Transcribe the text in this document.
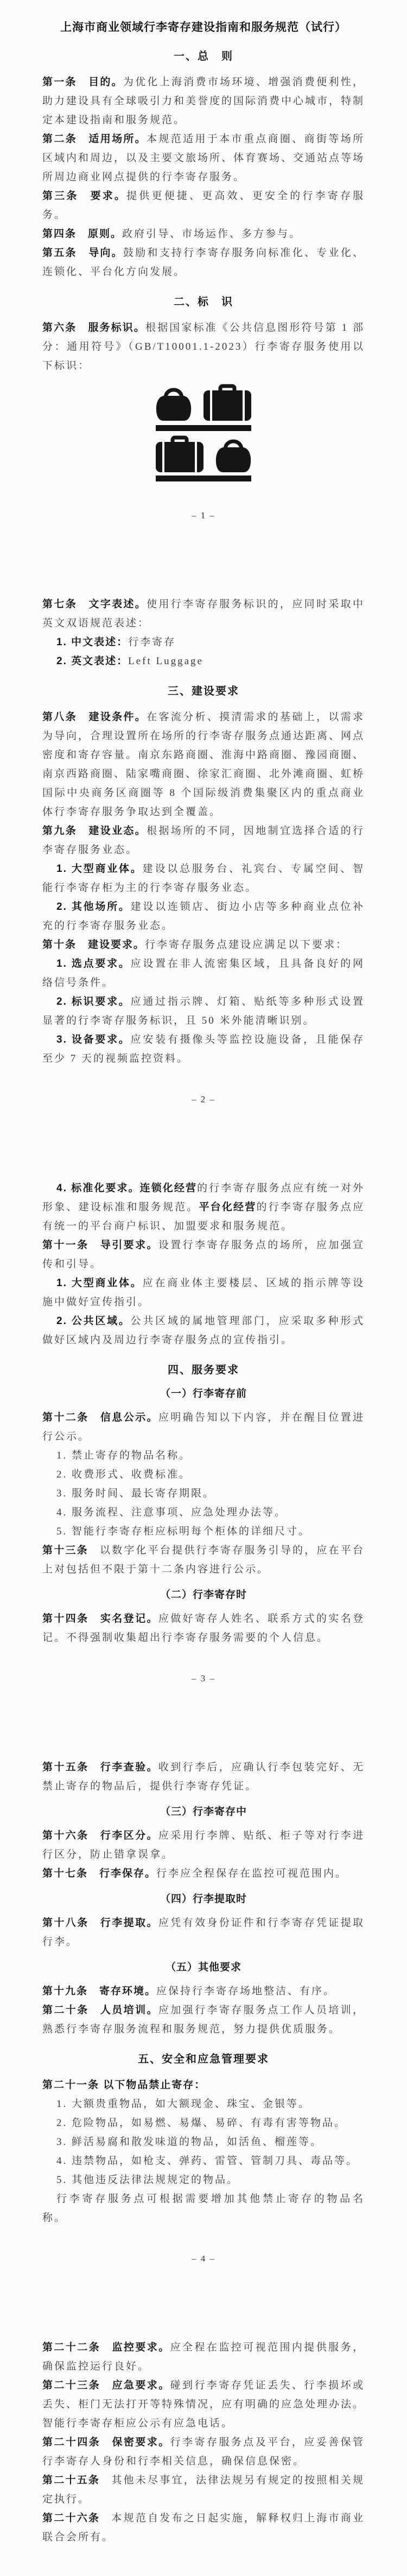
上海市商业领域行李寄存建设指南和服务规范（试行）
一、总　则

第一条　目的。为优化上海消费市场环境、增强消费便利性，助力建设具有全球吸引力和美誉度的国际消费中心城市，特制定本建设指南和服务规范。

第二条　适用场所。本规范适用于本市重点商圈、商街等场所区域内和周边，以及主要文旅场所、体育赛场、交通站点等场所周边商业网点提供的行李寄存服务。

第三条　要求。提供更便捷、更高效、更安全的行李寄存服务。

第四条　原则。政府引导、市场运作、多方参与。

第五条　导向。鼓励和支持行李寄存服务向标准化、专业化、连锁化、平台化方向发展。

二、标　识

第六条　服务标识。根据国家标准《公共信息图形符号第 1 部分：通用符号》（GB/T10001.1-2023）行李寄存服务使用以下标识：

– 1 –

第七条　文字表述。使用行李寄存服务标识的，应同时采取中英文双语规范表述：

1. 中文表述：行李寄存

2. 英文表述：Left Luggage

三、建设要求

第八条　建设条件。在客流分析、摸清需求的基础上，以需求为导向，合理设置所在场所的行李寄存服务点通达距离、网点密度和寄存容量。南京东路商圈、淮海中路商圈、豫园商圈、南京西路商圈、陆家嘴商圈、徐家汇商圈、北外滩商圈、虹桥国际中央商务区商圈等 8 个国际级消费集聚区内的重点商业体行李寄存服务争取达到全覆盖。

第九条　建设业态。根据场所的不同，因地制宜选择合适的行李寄存服务业态。

1. 大型商业体。建设以总服务台、礼宾台、专属空间、智能行李寄存柜为主的行李寄存服务业态。

2. 其他场所。建设以连锁店、街边小店等多种商业点位补充的行李寄存服务业态。

第十条　建设要求。行李寄存服务点建设应满足以下要求：

1. 选点要求。应设置在非人流密集区域，且具备良好的网络信号条件。

2. 标识要求。应通过指示牌、灯箱、贴纸等多种形式设置显著的行李寄存服务标识，且 50 米外能清晰识别。

3. 设备要求。应安装有摄像头等监控设施设备，且能保存至少 7 天的视频监控资料。

– 2 –

4. 标准化要求。连锁化经营的行李寄存服务点应有统一对外形象、建设标准和服务规范。平台化经营的行李寄存服务点应有统一的平台商户标识、加盟要求和服务规范。

第十一条　导引要求。设置行李寄存服务点的场所，应加强宣传和引导。

1. 大型商业体。应在商业体主要楼层、区域的指示牌等设施中做好宣传指引。

2. 公共区域。公共区域的属地管理部门，应采取多种形式做好区域内及周边行李寄存服务点的宣传指引。

四、服务要求
（一）行李寄存前

第十二条　信息公示。应明确告知以下内容，并在醒目位置进行公示。

1. 禁止寄存的物品名称。

2. 收费形式、收费标准。

3. 服务时间、最长寄存期限。

4. 服务流程、注意事项、应急处理办法等。

5. 智能行李寄存柜应标明每个柜体的详细尺寸。

第十三条　以数字化平台提供行李寄存服务引导的，应在平台上对包括但不限于第十二条内容进行公示。

（二）行李寄存时

第十四条　实名登记。应做好寄存人姓名、联系方式的实名登记。不得强制收集超出行李寄存服务需要的个人信息。

– 3 –

第十五条　行李查验。收到行李后，应确认行李包装完好、无禁止寄存的物品后，提供行李寄存凭证。

（三）行李寄存中

第十六条　行李区分。应采用行李牌、贴纸、柜子等对行李进行区分，防止错拿误拿。

第十七条　行李保存。行李应全程保存在监控可视范围内。

（四）行李提取时

第十八条　行李提取。应凭有效身份证件和行李寄存凭证提取行李。

（五）其他要求

第十九条　寄存环境。应保持行李寄存场地整洁、有序。

第二十条　人员培训。应加强行李寄存服务点工作人员培训，熟悉行李寄存服务流程和服务规范，努力提供优质服务。

五、安全和应急管理要求

第二十一条 以下物品禁止寄存：

1. 大额贵重物品，如大额现金、珠宝、金银等。

2. 危险物品，如易燃、易爆、易碎、有毒有害等物品。

3. 鲜活易腐和散发味道的物品，如活鱼、榴莲等。

4. 违禁物品，如枪支、弹药、雷管、管制刀具、毒品等。

5. 其他违反法律法规规定的物品。

行李寄存服务点可根据需要增加其他禁止寄存的物品名称。

– 4 –

第二十二条　监控要求。应全程在监控可视范围内提供服务，确保监控运行良好。

第二十三条　应急要求。碰到行李寄存凭证丢失、行李损坏或丢失、柜门无法打开等特殊情况，应有明确的应急处理办法。智能行李寄存柜应公示有应急电话。

第二十四条　保密要求。行李寄存服务点及平台，应妥善保管行李寄存人身份和行李相关信息，确保信息保密。

第二十五条　其他未尽事宜，法律法规另有规定的按照相关规定执行。

第二十六条　本规范自发布之日起实施，解释权归上海市商业联合会所有。
